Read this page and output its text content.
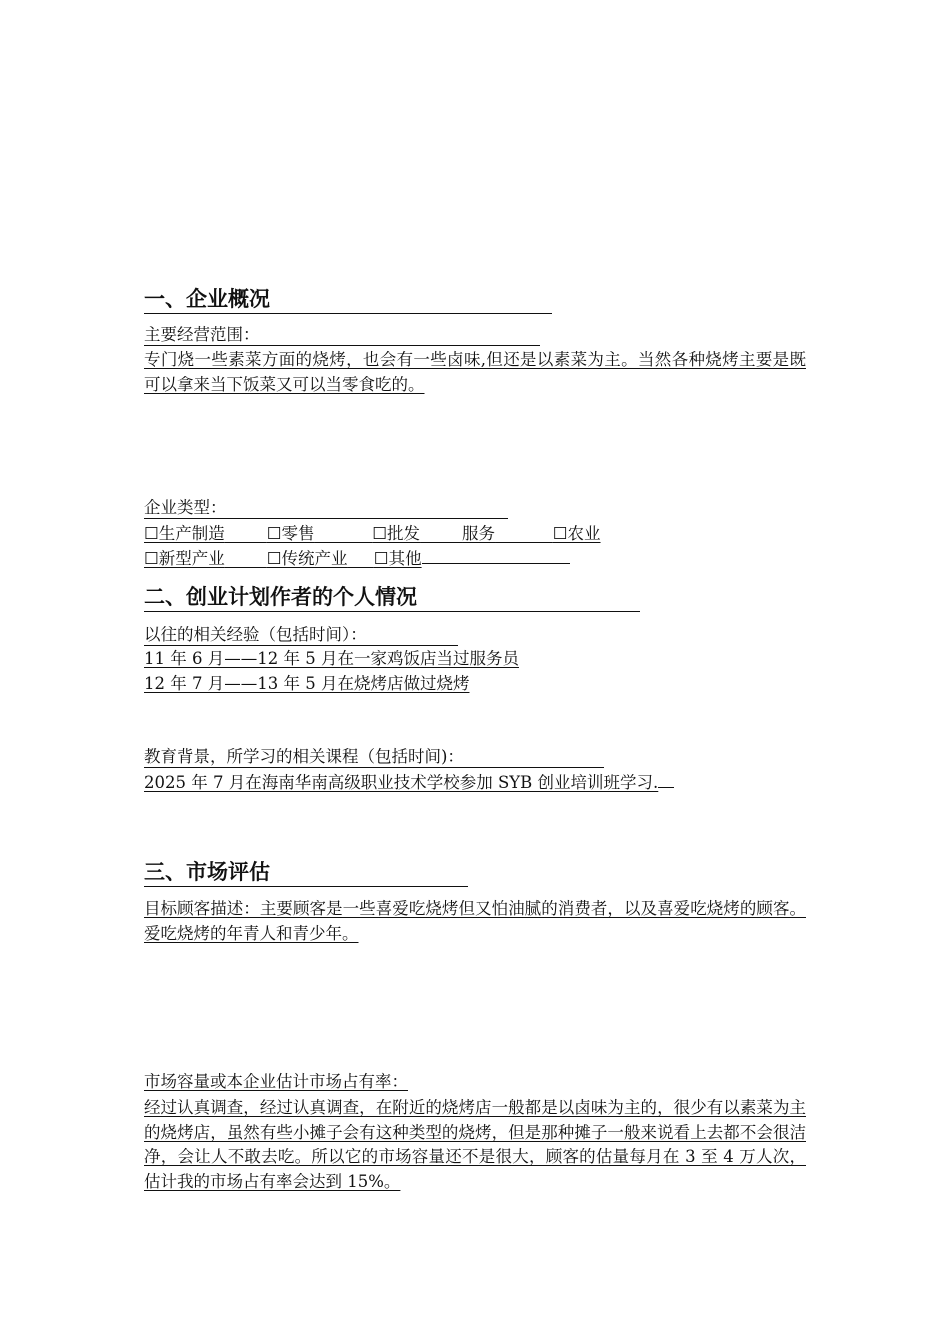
一、企业概况
主要经营范围：
专门烧一些素菜方面的烧烤，也会有一些卤味,但还是以素菜为主。当然各种烧烤主要是既可以拿来当下饭菜又可以当零食吃的。
企业类型：
☐生产制造	☐零售	☐批发	服务	☐农业
☐新型产业	☐传统产业 ☐其他
二、创业计划作者的个人情况
以往的相关经验（包括时间）：
11 年 6 月——12 年 5 月在一家鸡饭店当过服务员
12 年 7 月——13 年 5 月在烧烤店做过烧烤
教育背景，所学习的相关课程（包括时间)：
2025 年 7 月在海南华南高级职业技术学校参加 SYB 创业培训班学习.
三、市场评估
目标顾客描述：主要顾客是一些喜爱吃烧烤但又怕油腻的消费者，以及喜爱吃烧烤的顾客。爱吃烧烤的年青人和青少年。
市场容量或本企业估计市场占有率：
经过认真调查，经过认真调查，在附近的烧烤店一般都是以卤味为主的，很少有以素菜为主的烧烤店，虽然有些小摊子会有这种类型的烧烤，但是那种摊子一般来说看上去都不会很洁净，会让人不敢去吃。所以它的市场容量还不是很大，顾客的估量每月在 3 至 4 万人次，估计我的市场占有率会达到 15%。
